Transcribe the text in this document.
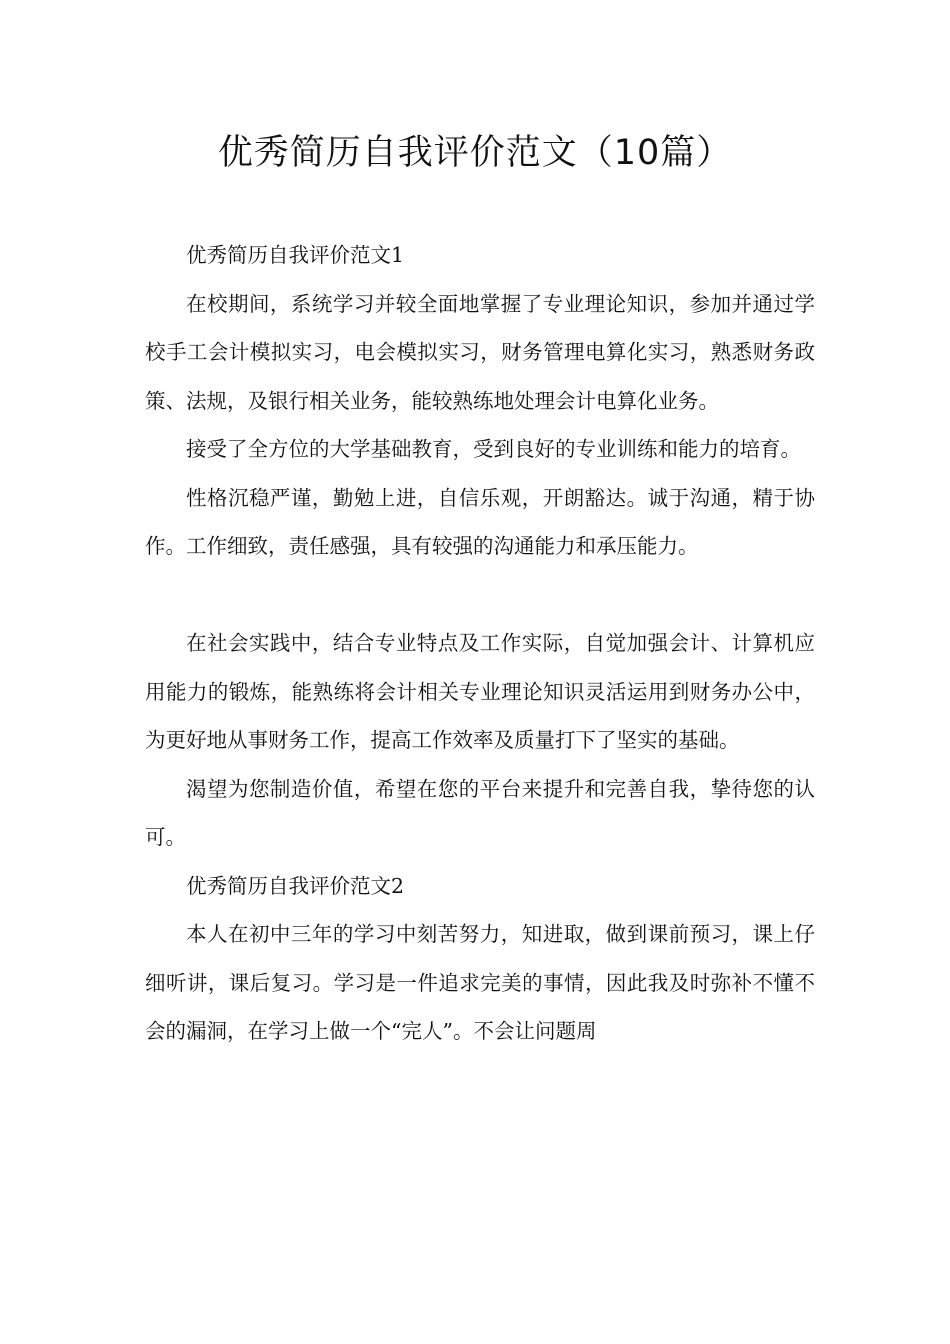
优秀简历自我评价范文（10篇）

优秀简历自我评价范文1

在校期间，系统学习并较全面地掌握了专业理论知识，参加并通过学校手工会计模拟实习，电会模拟实习，财务管理电算化实习，熟悉财务政策、法规，及银行相关业务，能较熟练地处理会计电算化业务。

接受了全方位的大学基础教育，受到良好的专业训练和能力的培育。

性格沉稳严谨，勤勉上进，自信乐观，开朗豁达。诚于沟通，精于协作。工作细致，责任感强，具有较强的沟通能力和承压能力。

在社会实践中，结合专业特点及工作实际，自觉加强会计、计算机应用能力的锻炼，能熟练将会计相关专业理论知识灵活运用到财务办公中，为更好地从事财务工作，提高工作效率及质量打下了坚实的基础。

渴望为您制造价值，希望在您的平台来提升和完善自我，挚待您的认可。

优秀简历自我评价范文2

本人在初中三年的学习中刻苦努力，知进取，做到课前预习，课上仔细听讲，课后复习。学习是一件追求完美的事情，因此我及时弥补不懂不会的漏洞，在学习上做一个“完人”。不会让问题周
